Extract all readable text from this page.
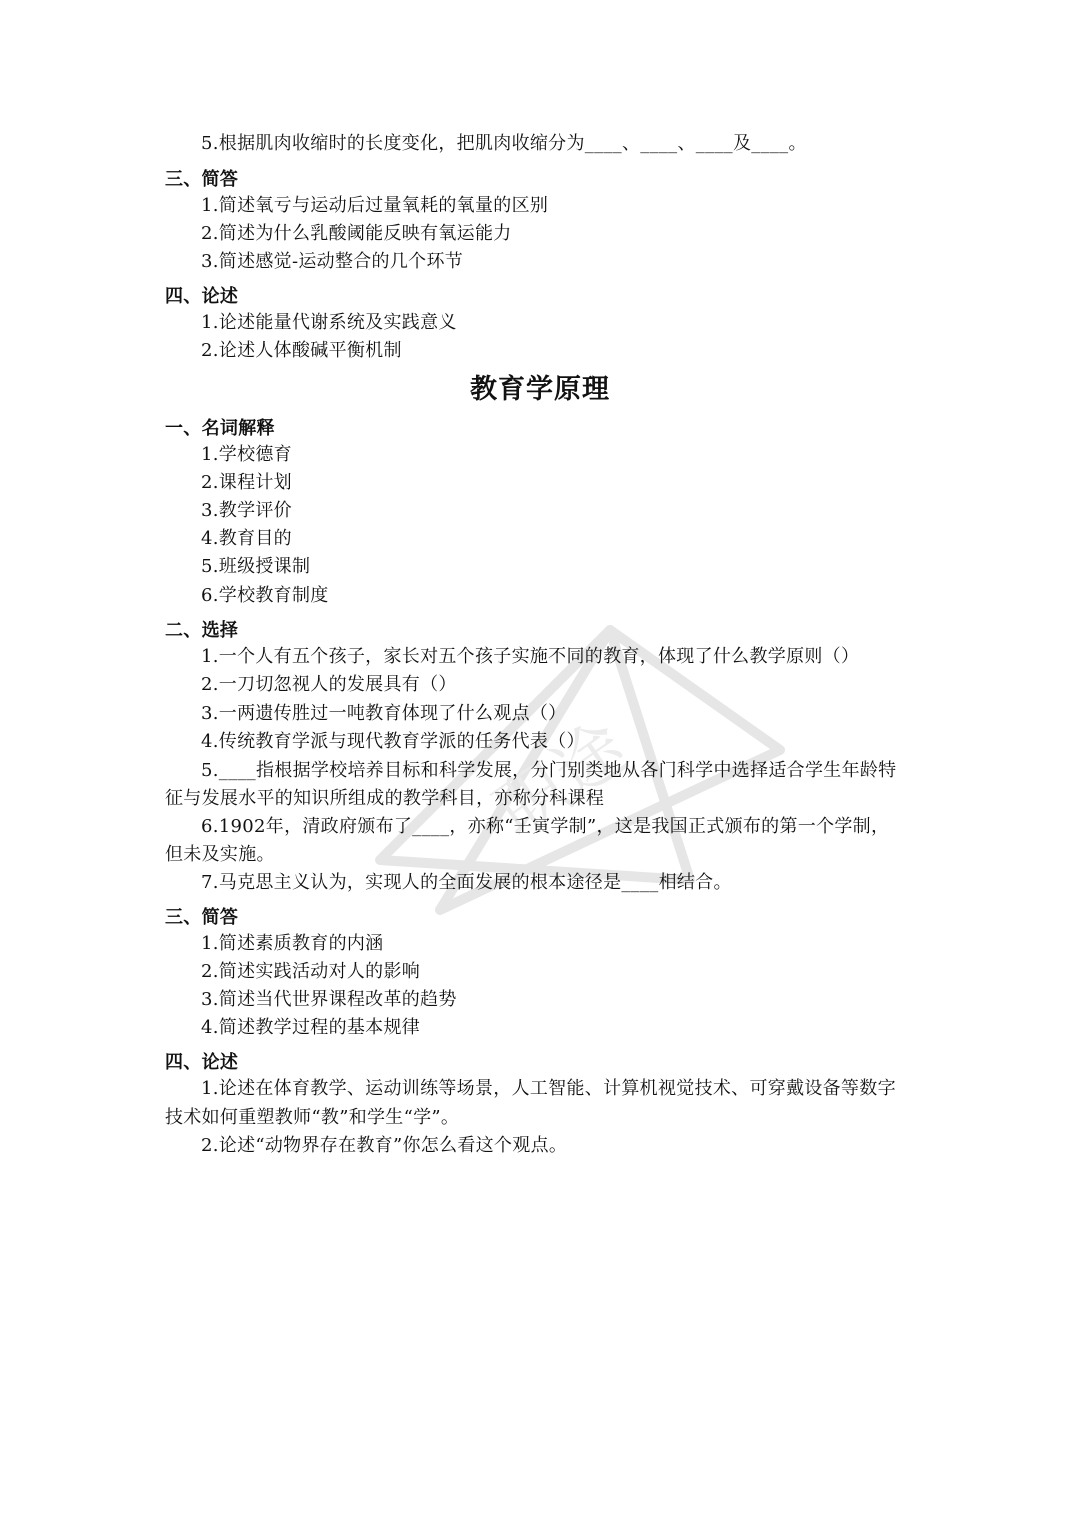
职途
5.根据肌肉收缩时的长度变化，把肌肉收缩分为____、____、____及____。
三、简答
1.简述氧亏与运动后过量氧耗的氧量的区别
2.简述为什么乳酸阈能反映有氧运能力
3.简述感觉-运动整合的几个环节
四、论述
1.论述能量代谢系统及实践意义
2.论述人体酸碱平衡机制
教育学原理
一、名词解释
1.学校德育
2.课程计划
3.教学评价
4.教育目的
5.班级授课制
6.学校教育制度
二、选择
1.一个人有五个孩子，家长对五个孩子实施不同的教育，体现了什么教学原则（）
2.一刀切忽视人的发展具有（）
3.一两遗传胜过一吨教育体现了什么观点（）
4.传统教育学派与现代教育学派的任务代表（）
5.____指根据学校培养目标和科学发展，分门别类地从各门科学中选择适合学生年龄特
征与发展水平的知识所组成的教学科目，亦称分科课程
6.1902年，清政府颁布了____，亦称“壬寅学制”，这是我国正式颁布的第一个学制，
但未及实施。
7.马克思主义认为，实现人的全面发展的根本途径是____相结合。
三、简答
1.简述素质教育的内涵
2.简述实践活动对人的影响
3.简述当代世界课程改革的趋势
4.简述教学过程的基本规律
四、论述
1.论述在体育教学、运动训练等场景，人工智能、计算机视觉技术、可穿戴设备等数字
技术如何重塑教师“教”和学生“学”。
2.论述“动物界存在教育”你怎么看这个观点。
